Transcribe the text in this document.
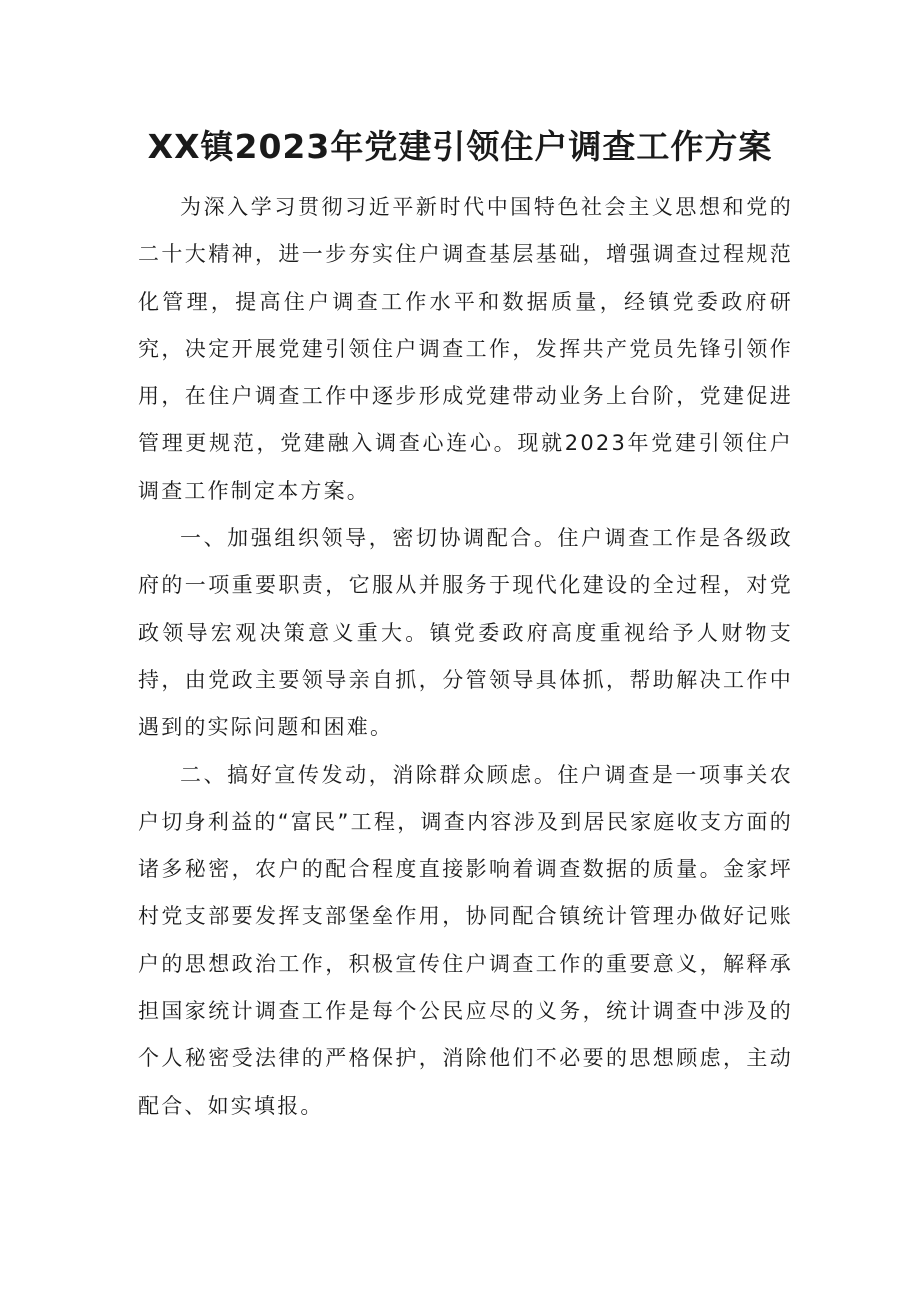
XX镇2023年党建引领住户调查工作方案

为深入学习贯彻习近平新时代中国特色社会主义思想和党的二十大精神，进一步夯实住户调查基层基础，增强调查过程规范化管理，提高住户调查工作水平和数据质量，经镇党委政府研究，决定开展党建引领住户调查工作，发挥共产党员先锋引领作用，在住户调查工作中逐步形成党建带动业务上台阶，党建促进管理更规范，党建融入调查心连心。现就2023年党建引领住户调查工作制定本方案。

一、加强组织领导，密切协调配合。住户调查工作是各级政府的一项重要职责，它服从并服务于现代化建设的全过程，对党政领导宏观决策意义重大。镇党委政府高度重视给予人财物支持，由党政主要领导亲自抓，分管领导具体抓，帮助解决工作中遇到的实际问题和困难。

二、搞好宣传发动，消除群众顾虑。住户调查是一项事关农户切身利益的“富民”工程，调查内容涉及到居民家庭收支方面的诸多秘密，农户的配合程度直接影响着调查数据的质量。金家坪村党支部要发挥支部堡垒作用，协同配合镇统计管理办做好记账户的思想政治工作，积极宣传住户调查工作的重要意义，解释承担国家统计调查工作是每个公民应尽的义务，统计调查中涉及的个人秘密受法律的严格保护，消除他们不必要的思想顾虑，主动配合、如实填报。
